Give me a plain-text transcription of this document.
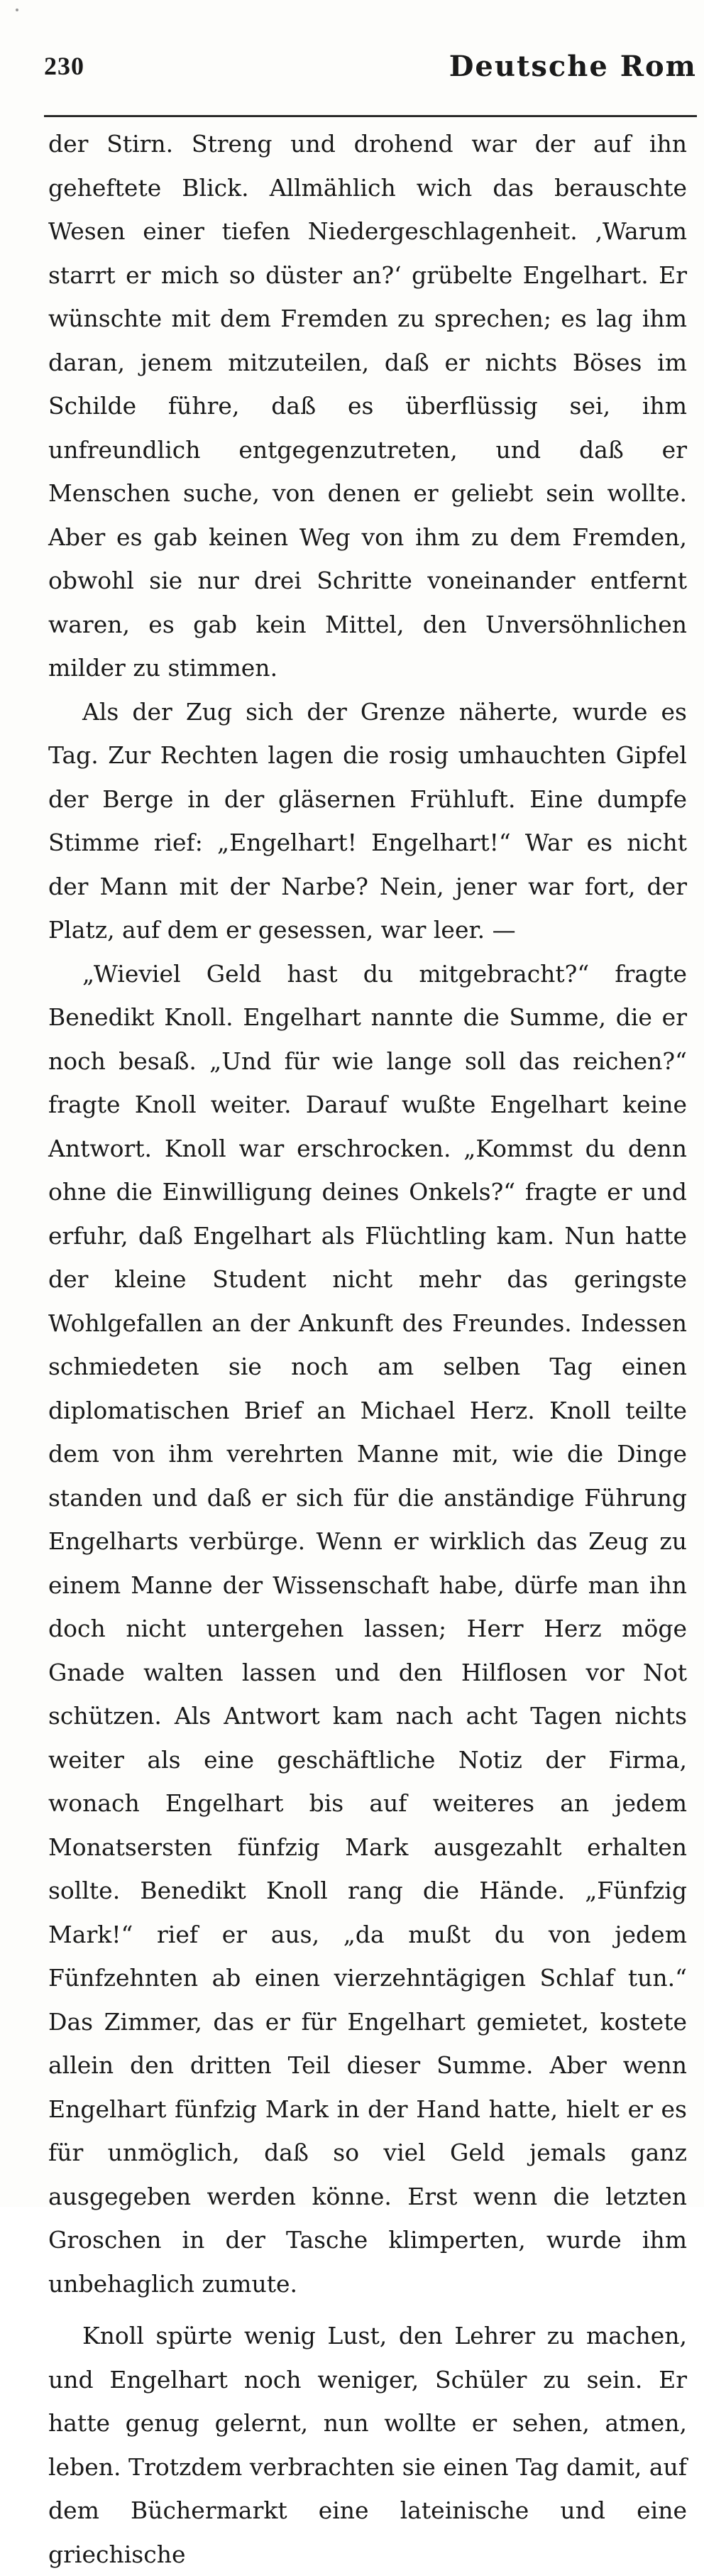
230	Deutsche Rom

der Stirn. Streng und drohend war der auf ihn geheftete Blick. Allmählich wich das berauschte Wesen einer tiefen Niedergeschlagenheit. ‚Warum starrt er mich so düster an?‘ grübelte Engelhart. Er wünschte mit dem Fremden zu sprechen; es lag ihm daran, jenem mitzuteilen, daß er nichts Böses im Schilde führe, daß es überflüssig sei, ihm unfreundlich entgegenzutreten, und daß er Menschen suche, von denen er geliebt sein wollte. Aber es gab keinen Weg von ihm zu dem Fremden, obwohl sie nur drei Schritte voneinander entfernt waren, es gab kein Mittel, den Unversöhnlichen milder zu stimmen.

Als der Zug sich der Grenze näherte, wurde es Tag. Zur Rechten lagen die rosig umhauchten Gipfel der Berge in der gläsernen Frühluft. Eine dumpfe Stimme rief: „Engelhart! Engelhart!“ War es nicht der Mann mit der Narbe? Nein, jener war fort, der Platz, auf dem er gesessen, war leer. —

„Wieviel Geld hast du mitgebracht?“ fragte Benedikt Knoll. Engelhart nannte die Summe, die er noch besaß. „Und für wie lange soll das reichen?“ fragte Knoll weiter. Darauf wußte Engelhart keine Antwort. Knoll war erschrocken. „Kommst du denn ohne die Einwilligung deines Onkels?“ fragte er und erfuhr, daß Engelhart als Flüchtling kam. Nun hatte der kleine Student nicht mehr das geringste Wohlgefallen an der Ankunft des Freundes. Indessen schmiedeten sie noch am selben Tag einen diplomatischen Brief an Michael Herz. Knoll teilte dem von ihm verehrten Manne mit, wie die Dinge standen und daß er sich für die anständige Führung Engelharts verbürge. Wenn er wirklich das Zeug zu einem Manne der Wissenschaft habe, dürfe man ihn doch nicht untergehen lassen; Herr Herz möge Gnade walten lassen und den Hilflosen vor Not schützen. Als Antwort kam nach acht Tagen nichts weiter als eine geschäftliche Notiz der Firma, wonach Engelhart bis auf weiteres an jedem Monatsersten fünfzig Mark ausgezahlt erhalten sollte. Benedikt Knoll rang die Hände. „Fünfzig Mark!“ rief er aus, „da mußt du von jedem Fünfzehnten ab einen vierzehntägigen Schlaf tun.“ Das Zimmer, das er für Engelhart gemietet, kostete allein den dritten Teil dieser Summe. Aber wenn Engelhart fünfzig Mark in der Hand hatte, hielt er es für unmöglich, daß so viel Geld jemals ganz ausgegeben werden könne. Erst wenn die letzten Groschen in der Tasche klimperten, wurde ihm unbehaglich zumute.

Knoll spürte wenig Lust, den Lehrer zu machen, und Engelhart noch weniger, Schüler zu sein. Er hatte genug gelernt, nun wollte er sehen, atmen, leben. Trotzdem verbrachten sie einen Tag damit, auf dem Büchermarkt eine lateinische und eine griechische
